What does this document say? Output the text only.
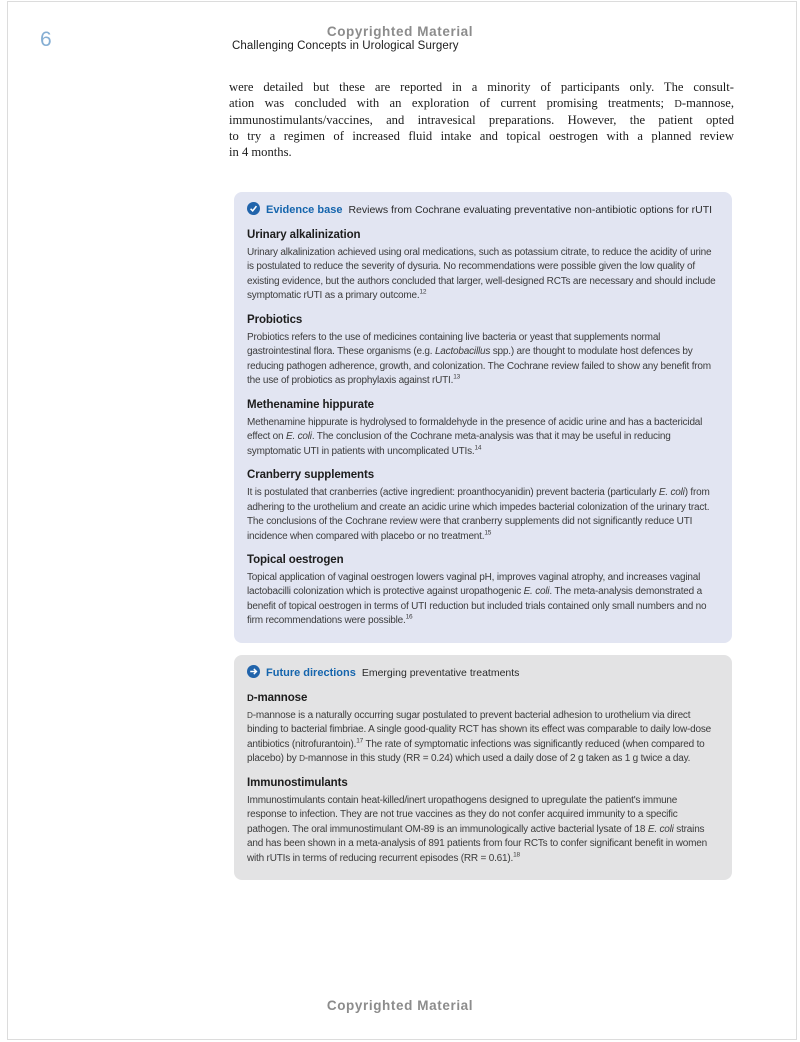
Copyrighted Material
Challenging Concepts in Urological Surgery
6
were detailed but these are reported in a minority of participants only. The consult-
ation was concluded with an exploration of current promising treatments; D-mannose,
immunostimulants/vaccines, and intravesical preparations. However, the patient opted
to try a regimen of increased fluid intake and topical oestrogen with a planned review
in 4 months.

Evidence base Reviews from Cochrane evaluating preventative non-antibiotic options for rUTI

Urinary alkalinization

Urinary alkalinization achieved using oral medications, such as potassium citrate, to reduce the acidity of urine is postulated to reduce the severity of dysuria. No recommendations were possible given the low quality of existing evidence, but the authors concluded that larger, well-designed RCTs are necessary and should include symptomatic rUTI as a primary outcome.$^{12}$

Probiotics

Probiotics refers to the use of medicines containing live bacteria or yeast that supplements normal gastrointestinal flora. These organisms (e.g. Lactobacillus spp.) are thought to modulate host defences by reducing pathogen adherence, growth, and colonization. The Cochrane review failed to show any benefit from the use of probiotics as prophylaxis against rUTI.$^{13}$

Methenamine hippurate

Methenamine hippurate is hydrolysed to formaldehyde in the presence of acidic urine and has a bactericidal effect on E. coli. The conclusion of the Cochrane meta-analysis was that it may be useful in reducing symptomatic UTI in patients with uncomplicated UTIs.$^{14}$

Cranberry supplements

It is postulated that cranberries (active ingredient: proanthocyanidin) prevent bacteria (particularly E. coli) from adhering to the urothelium and create an acidic urine which impedes bacterial colonization of the urinary tract. The conclusions of the Cochrane review were that cranberry supplements did not significantly reduce UTI incidence when compared with placebo or no treatment.$^{15}$

Topical oestrogen

Topical application of vaginal oestrogen lowers vaginal pH, improves vaginal atrophy, and increases vaginal lactobacilli colonization which is protective against uropathogenic E. coli. The meta-analysis demonstrated a benefit of topical oestrogen in terms of UTI reduction but included trials contained only small numbers and no firm recommendations were possible.$^{16}$

Future directions Emerging preventative treatments

D-mannose

D-mannose is a naturally occurring sugar postulated to prevent bacterial adhesion to urothelium via direct binding to bacterial fimbriae. A single good-quality RCT has shown its effect was comparable to daily low-dose antibiotics (nitrofurantoin).$^{17}$ The rate of symptomatic infections was significantly reduced (when compared to placebo) by D-mannose in this study (RR = 0.24) which used a daily dose of 2 g taken as 1 g twice a day.

Immunostimulants

Immunostimulants contain heat-killed/inert uropathogens designed to upregulate the patient's immune response to infection. They are not true vaccines as they do not confer acquired immunity to a specific pathogen. The oral immunostimulant OM-89 is an immunologically active bacterial lysate of 18 E. coli strains and has been shown in a meta-analysis of 891 patients from four RCTs to confer significant benefit in women with rUTIs in terms of reducing recurrent episodes (RR = 0.61).$^{18}$

Copyrighted Material
